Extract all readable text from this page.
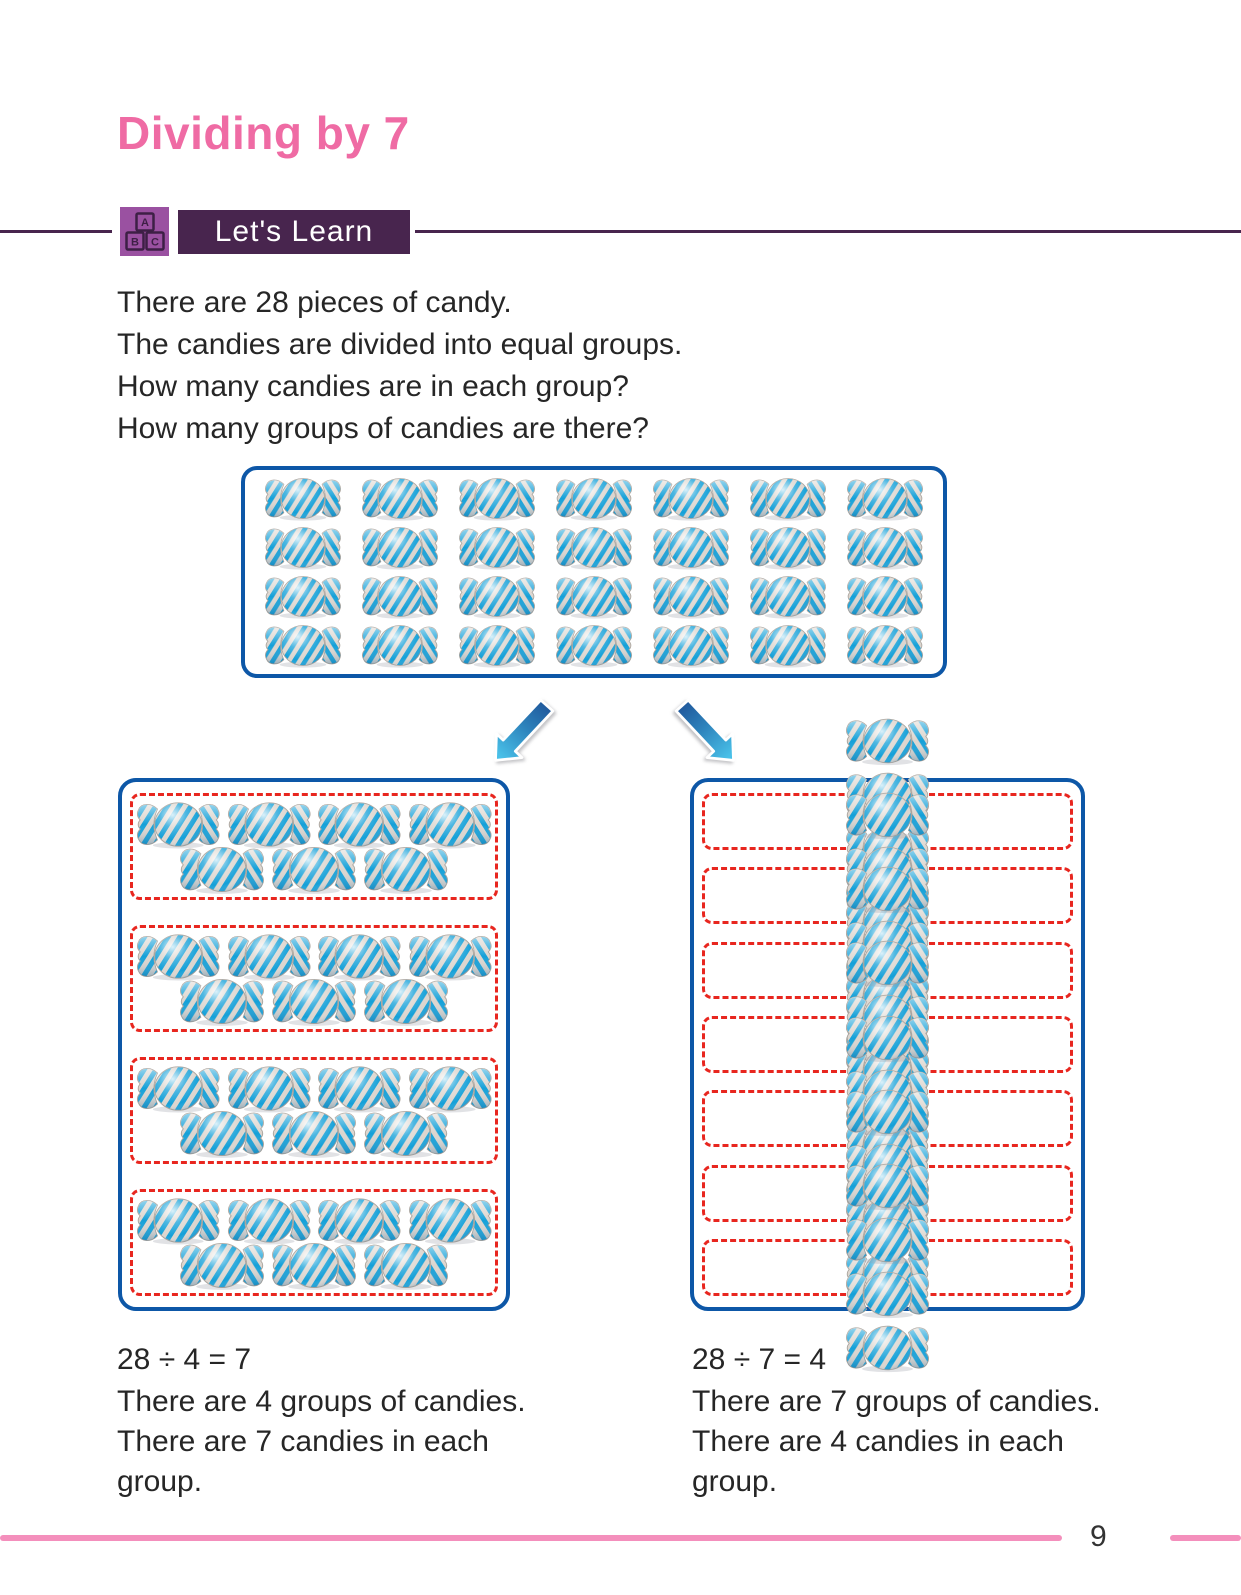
Dividing by 7
A
B C Let's Learn
There are 28 pieces of candy.
The candies are divided into equal groups.
How many candies are in each group?
How many groups of candies are there?
28 ÷ 4 = 7
There are 4 groups of candies.
There are 7 candies in each
group.
28 ÷ 7 = 4
There are 7 groups of candies.
There are 4 candies in each
group.
9
